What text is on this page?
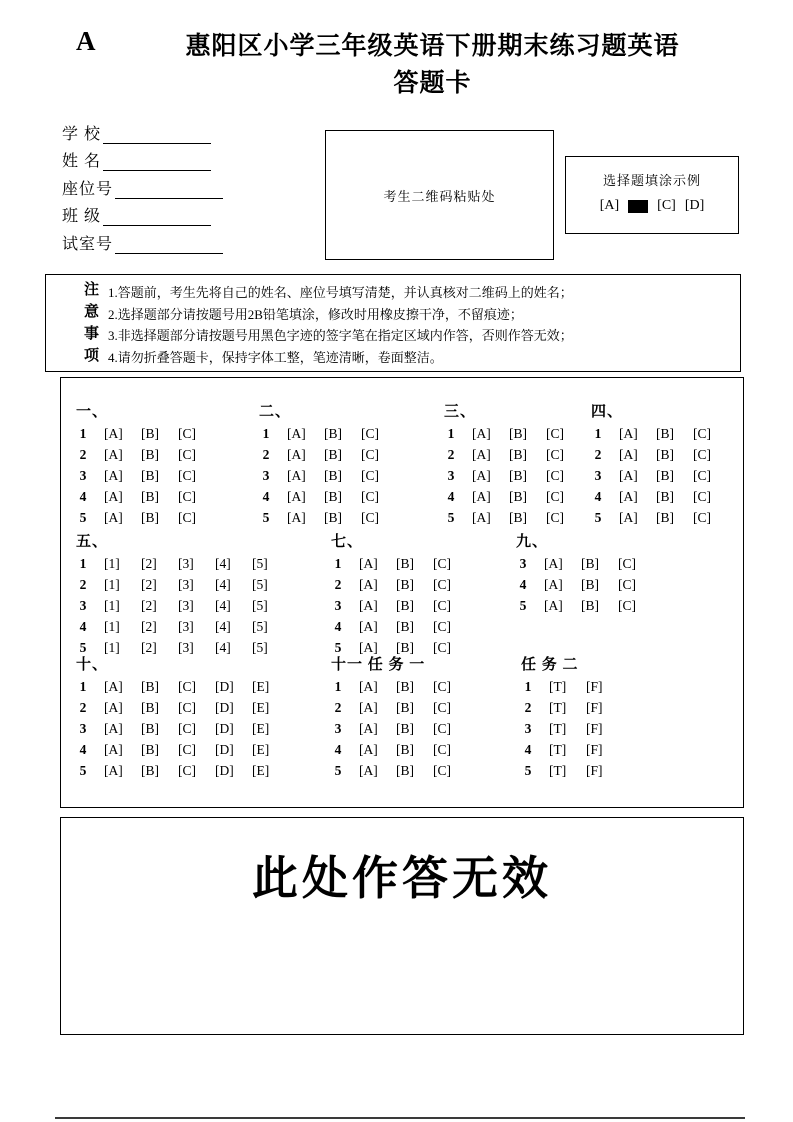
A	惠阳区小学三年级英语下册期末练习题英语
答题卡
学 校
姓 名
座位号
班 级
试室号
考生二维码粘贴处
选择题填涂示例
[A]	[C] [D]
注
意
事
项
1.答题前，考生先将自己的姓名、座位号填写清楚，并认真核对二维码上的姓名；
2.选择题部分请按题号用2B铅笔填涂，修改时用橡皮擦干净，不留痕迹；
3.非选择题部分请按题号用黑色字迹的签字笔在指定区域内作答，否则作答无效；
4.请勿折叠答题卡，保持字体工整，笔迹清晰，卷面整洁。
一、
1 [A]	[B]	[C]
2 [A]	[B]	[C]
3 [A]	[B]	[C]
4 [A]	[B]	[C]
5 [A]	[B]	[C]
二、
1 [A]	[B]	[C]
2 [A]	[B]	[C]
3 [A]	[B]	[C]
4 [A]	[B]	[C]
5 [A]	[B]	[C]
三、
1 [A]	[B]	[C]
2 [A]	[B]	[C]
3 [A]	[B]	[C]
4 [A]	[B]	[C]
5 [A]	[B]	[C]
四、
1 [A]	[B]	[C]
2 [A]	[B]	[C]
3 [A]	[B]	[C]
4 [A]	[B]	[C]
5 [A]	[B]	[C]
五、
1 [1]	[2]	[3]	[4]	[5]
2 [1]	[2]	[3]	[4]	[5]
3 [1]	[2]	[3]	[4]	[5]
4 [1]	[2]	[3]	[4]	[5]
5 [1]	[2]	[3]	[4]	[5]
七、
1 [A]	[B]	[C]
2 [A]	[B]	[C]
3 [A]	[B]	[C]
4 [A]	[B]	[C]
5 [A]	[B]	[C]
九、
3 [A]	[B]	[C]
4 [A]	[B]	[C]
5 [A]	[B]	[C]
十、
1 [A]	[B]	[C]	[D]	[E]
2 [A]	[B]	[C]	[D]	[E]
3 [A]	[B]	[C]	[D]	[E]
4 [A]	[B]	[C]	[D]	[E]
5 [A]	[B]	[C]	[D]	[E]
十一 任 务 一
1 [A]	[B]	[C]
2 [A]	[B]	[C]
3 [A]	[B]	[C]
4 [A]	[B]	[C]
5 [A]	[B]	[C]
任 务 二
1 [T]	[F]
2 [T]	[F]
3 [T]	[F]
4 [T]	[F]
5 [T]	[F]
此处作答无效
